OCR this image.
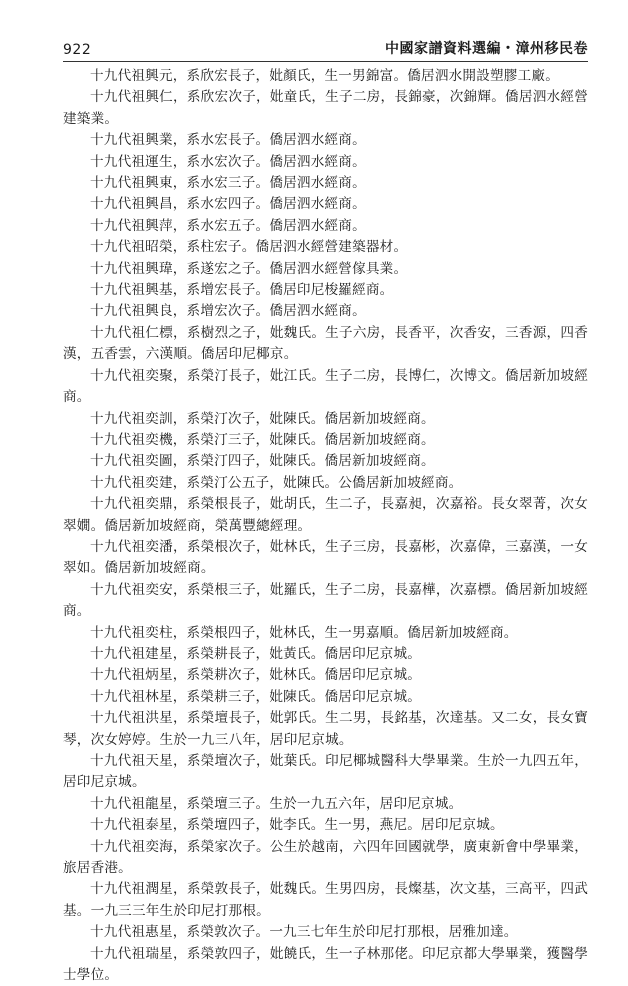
922	中國家譜資料選編・漳州移民卷

十九代祖興元，系欣宏長子，妣顏氏，生一男錦富。僑居泗水開設塑膠工廠。

十九代祖興仁，系欣宏次子，妣童氏，生子二房，長錦豪，次錦輝。僑居泗水經營建築業。

十九代祖興業，系水宏長子。僑居泗水經商。

十九代祖運生，系水宏次子。僑居泗水經商。

十九代祖興東，系水宏三子。僑居泗水經商。

十九代祖興昌，系水宏四子。僑居泗水經商。

十九代祖興萍，系水宏五子。僑居泗水經商。

十九代祖昭榮，系柱宏子。僑居泗水經營建築器材。

十九代祖興瑋，系遂宏之子。僑居泗水經營傢具業。

十九代祖興基，系增宏長子。僑居印尼梭羅經商。

十九代祖興良，系增宏次子。僑居泗水經商。

十九代祖仁標，系樹烈之子，妣魏氏。生子六房，長香平，次香安，三香源，四香漢，五香雲，六漢順。僑居印尼椰京。

十九代祖奕聚，系榮汀長子，妣江氏。生子二房，長博仁，次博文。僑居新加坡經商。

十九代祖奕訓，系榮汀次子，妣陳氏。僑居新加坡經商。

十九代祖奕機，系榮汀三子，妣陳氏。僑居新加坡經商。

十九代祖奕圖，系榮汀四子，妣陳氏。僑居新加坡經商。

十九代祖奕建，系榮汀公五子，妣陳氏。公僑居新加坡經商。

十九代祖奕鼎，系榮根長子，妣胡氏，生二子，長嘉昶，次嘉裕。長女翠菁，次女翠嫺。僑居新加坡經商，榮萬豐總經理。

十九代祖奕潘，系榮根次子，妣林氏，生子三房，長嘉彬，次嘉偉，三嘉漢，一女翠如。僑居新加坡經商。

十九代祖奕安，系榮根三子，妣羅氏，生子二房，長嘉樺，次嘉標。僑居新加坡經商。

十九代祖奕柱，系榮根四子，妣林氏，生一男嘉順。僑居新加坡經商。

十九代祖建星，系榮耕長子，妣黃氏。僑居印尼京城。

十九代祖炳星，系榮耕次子，妣林氏。僑居印尼京城。

十九代祖林星，系榮耕三子，妣陳氏。僑居印尼京城。

十九代祖洪星，系榮壇長子，妣郭氏。生二男，長銘基，次達基。又二女，長女寶琴，次女婷婷。生於一九三八年，居印尼京城。

十九代祖天星，系榮壇次子，妣葉氏。印尼椰城醫科大學畢業。生於一九四五年，居印尼京城。

十九代祖龍星，系榮壇三子。生於一九五六年，居印尼京城。

十九代祖泰星，系榮壇四子，妣李氏。生一男，燕尼。居印尼京城。

十九代祖奕海，系榮家次子。公生於越南，六四年回國就學，廣東新會中學畢業，旅居香港。

十九代祖潤星，系榮敦長子，妣魏氏。生男四房，長燦基，次文基，三高平，四武基。一九三三年生於印尼打那根。

十九代祖惠星，系榮敦次子。一九三七年生於印尼打那根，居雅加達。

十九代祖瑞星，系榮敦四子，妣饒氏，生一子林那佬。印尼京都大學畢業，獲醫學士學位。
